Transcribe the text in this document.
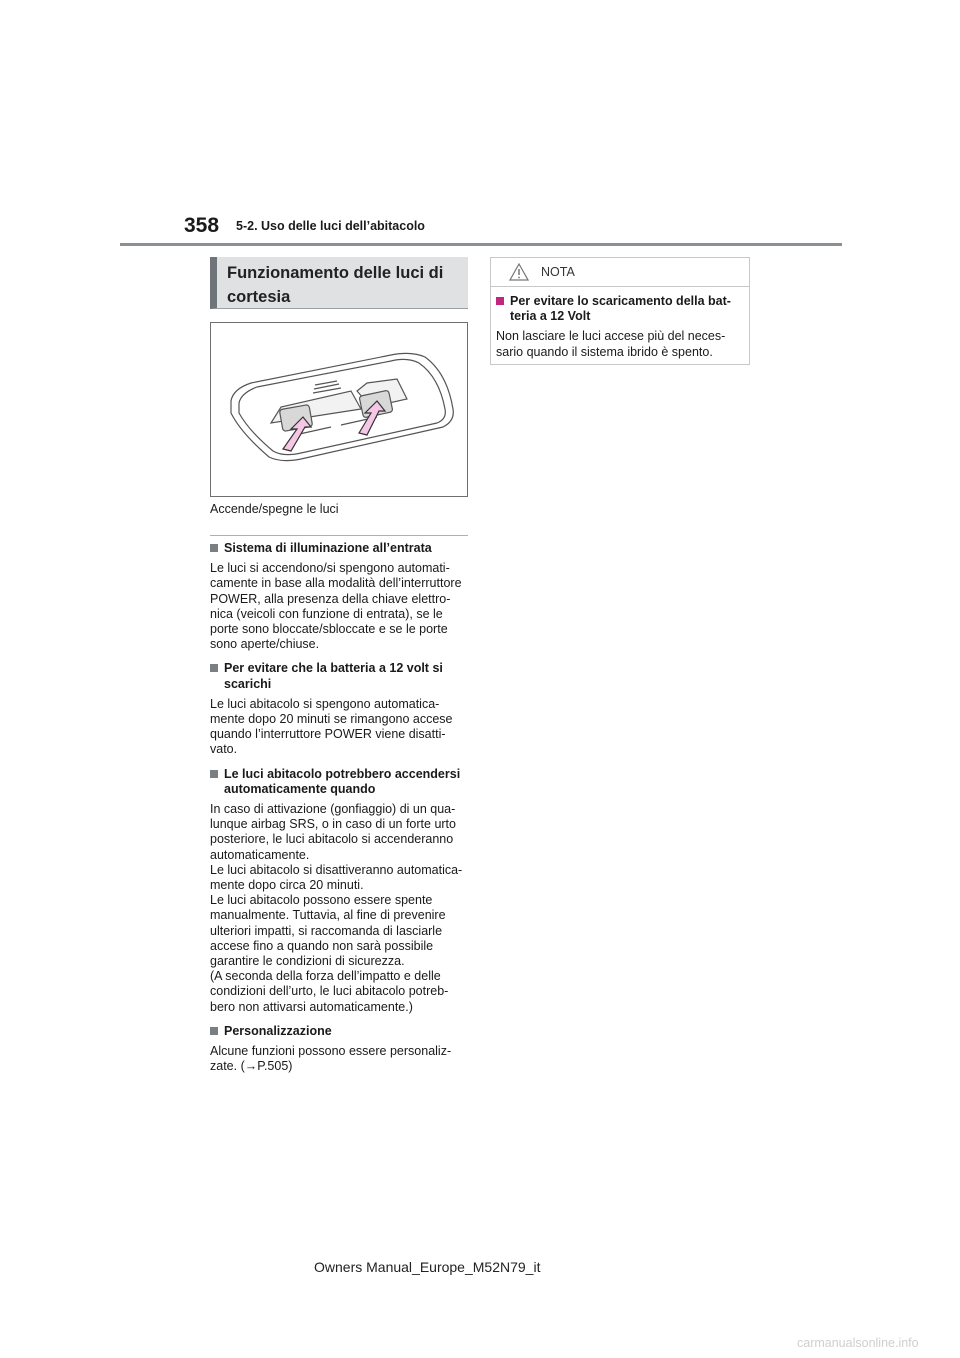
358 5-2. Uso delle luci dell’abitacolo
Funzionamento delle luci di
cortesia
Accende/spegne le luci
Sistema di illuminazione all’entrata

Le luci si accendono/si spengono automati-
camente in base alla modalità dell’interruttore
POWER, alla presenza della chiave elettro-
nica (veicoli con funzione di entrata), se le
porte sono bloccate/sbloccate e se le porte
sono aperte/chiuse.

Per evitare che la batteria a 12 volt si
scarichi

Le luci abitacolo si spengono automatica-
mente dopo 20 minuti se rimangono accese
quando l’interruttore POWER viene disatti-
vato.

Le luci abitacolo potrebbero accendersi
automaticamente quando

In caso di attivazione (gonfiaggio) di un qua-
lunque airbag SRS, o in caso di un forte urto
posteriore, le luci abitacolo si accenderanno
automaticamente.
Le luci abitacolo si disattiveranno automatica-
mente dopo circa 20 minuti.
Le luci abitacolo possono essere spente
manualmente. Tuttavia, al fine di prevenire
ulteriori impatti, si raccomanda di lasciarle
accese fino a quando non sarà possibile
garantire le condizioni di sicurezza.
(A seconda della forza dell’impatto e delle
condizioni dell’urto, le luci abitacolo potreb-
bero non attivarsi automaticamente.)

Personalizzazione

Alcune funzioni possono essere personaliz-
zate. (→P.505)

NOTA
Per evitare lo scaricamento della bat-
teria a 12 Volt
Non lasciare le luci accese più del neces-
sario quando il sistema ibrido è spento.
Owners Manual_Europe_M52N79_it
carmanualsonline.info
